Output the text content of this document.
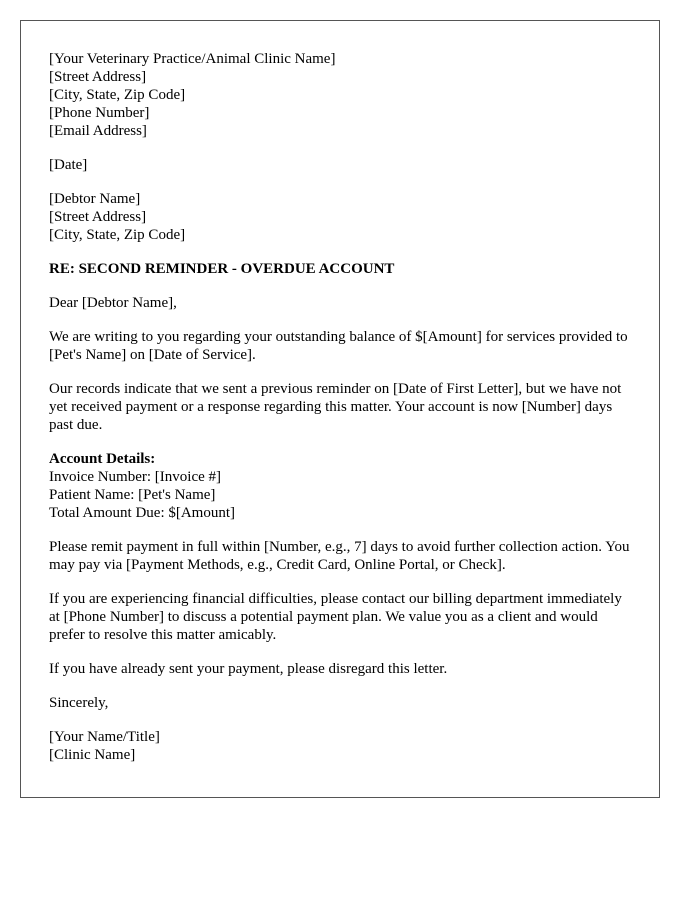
[Your Veterinary Practice/Animal Clinic Name]
[Street Address]
[City, State, Zip Code]
[Phone Number]
[Email Address]
[Date]
[Debtor Name]
[Street Address]
[City, State, Zip Code]

RE: SECOND REMINDER - OVERDUE ACCOUNT

Dear [Debtor Name],

We are writing to you regarding your outstanding balance of $[Amount] for services provided to [Pet's Name] on [Date of Service].

Our records indicate that we sent a previous reminder on [Date of First Letter], but we have not yet received payment or a response regarding this matter. Your account is now [Number] days past due.

Account Details:
Invoice Number: [Invoice #]
Patient Name: [Pet's Name]
Total Amount Due: $[Amount]

Please remit payment in full within [Number, e.g., 7] days to avoid further collection action. You may pay via [Payment Methods, e.g., Credit Card, Online Portal, or Check].

If you are experiencing financial difficulties, please contact our billing department immediately at [Phone Number] to discuss a potential payment plan. We value you as a client and would prefer to resolve this matter amicably.

If you have already sent your payment, please disregard this letter.

Sincerely,

[Your Name/Title]
[Clinic Name]
